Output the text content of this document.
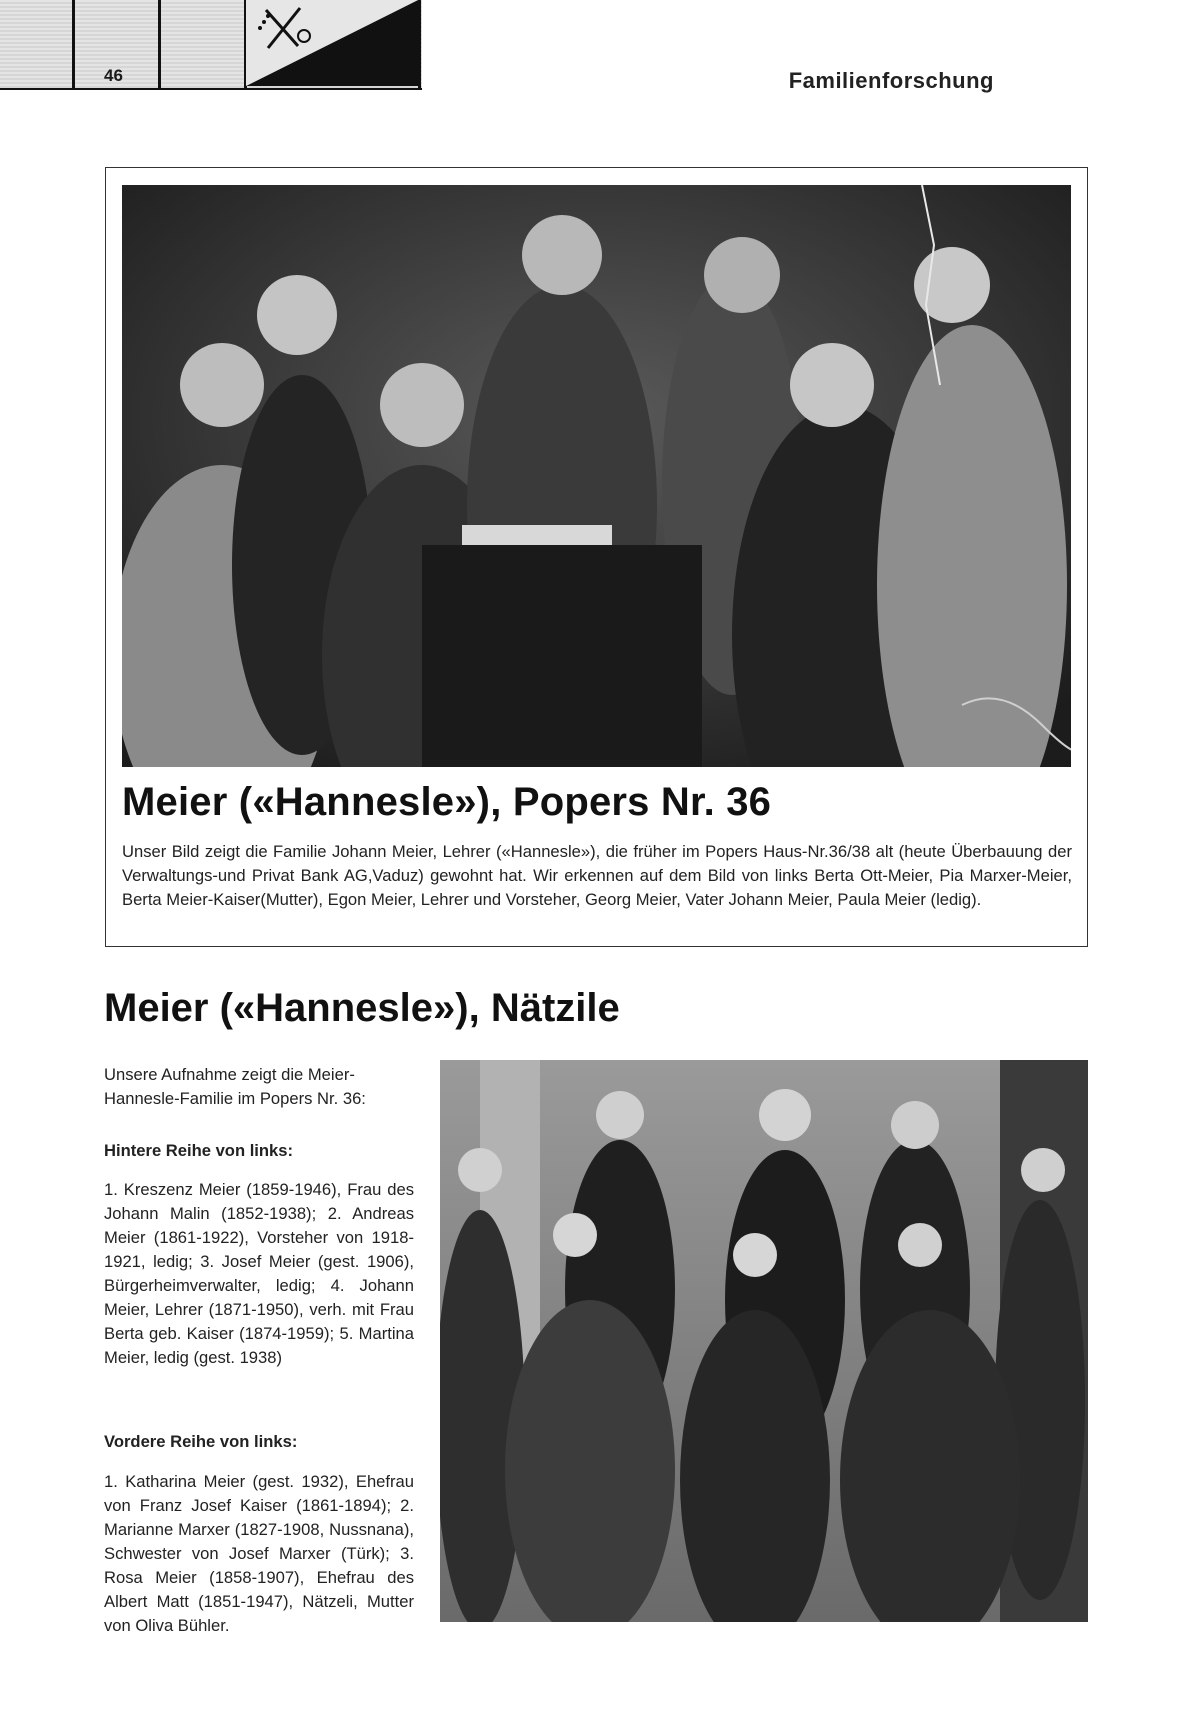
46	Familienforschung
Meier («Hannesle»), Popers Nr. 36

Unser Bild zeigt die Familie Johann Meier, Lehrer («Hannesle»), die früher im Popers Haus-Nr.36/38 alt (heute Überbauung der Verwaltungs-und Privat Bank AG,Vaduz) gewohnt hat. Wir erkennen auf dem Bild von links Berta Ott-Meier, Pia Marxer-Meier, Berta Meier-Kaiser(Mutter), Egon Meier, Lehrer und Vorsteher, Georg Meier, Vater Johann Meier, Paula Meier (ledig).

Meier («Hannesle»), Nätzile

Unsere Aufnahme zeigt die Meier-Hannesle-Familie im Popers Nr. 36:

Hintere Reihe von links:

1. Kreszenz Meier (1859-1946), Frau des Johann Malin (1852-1938); 2. Andreas Meier (1861-1922), Vorsteher von 1918-1921, ledig; 3. Josef Meier (gest. 1906), Bürgerheimverwalter, ledig; 4. Johann Meier, Lehrer (1871-1950), verh. mit Frau Berta geb. Kaiser (1874-1959); 5. Martina Meier, ledig (gest. 1938)

Vordere Reihe von links:

1. Katharina Meier (gest. 1932), Ehefrau von Franz Josef Kaiser (1861-1894); 2. Marianne Marxer (1827-1908, Nussnana), Schwester von Josef Marxer (Türk); 3. Rosa Meier (1858-1907), Ehefrau des Albert Matt (1851-1947), Nätzeli, Mutter von Oliva Bühler.
